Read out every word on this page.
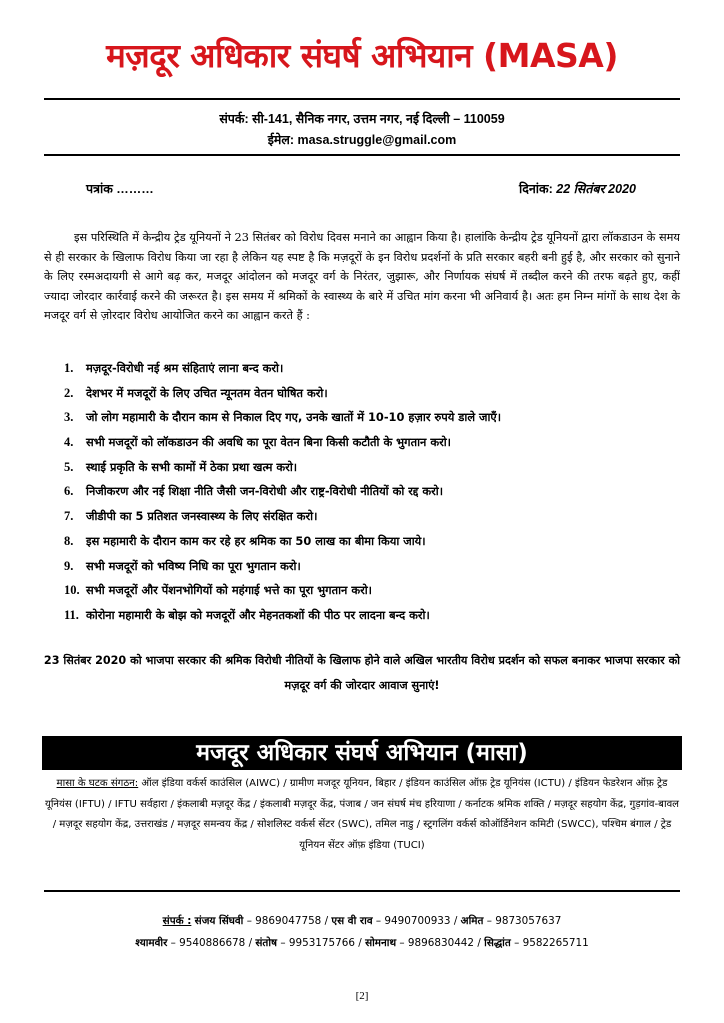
मज़दूर अधिकार संघर्ष अभियान (MASA)
संपर्क: सी-141, सैनिक नगर, उत्तम नगर, नई दिल्ली – 110059
ईमेल: masa.struggle@gmail.com
पत्रांक ………	दिनांक: 22 सितंबर 2020
इस परिस्थिति में केन्द्रीय ट्रेड यूनियनों ने 23 सितंबर को विरोध दिवस मनाने का आह्वान किया है। हालांकि केन्द्रीय ट्रेड यूनियनों द्वारा लॉकडाउन के समय से ही सरकार के खिलाफ विरोध किया जा रहा है लेकिन यह स्पष्ट है कि मज़दूरों के इन विरोध प्रदर्शनों के प्रति सरकार बहरी बनी हुई है, और सरकार को सुनाने के लिए रस्मअदायगी से आगे बढ़ कर, मजदूर आंदोलन को मजदूर वर्ग के निरंतर, जुझारू, और निर्णायक संघर्ष में तब्दील करने की तरफ बढ़ते हुए, कहीं ज्यादा जोरदार कार्रवाई करने की जरूरत है। इस समय में श्रमिकों के स्वास्थ्य के बारे में उचित मांग करना भी अनिवार्य है। अतः हम निम्न मांगों के साथ देश के मजदूर वर्ग से ज़ोरदार विरोध आयोजित करने का आह्वान करते हैं :
1. मज़दूर-विरोधी नई श्रम संहिताएं लाना बन्द करो।
2. देशभर में मजदूरों के लिए उचित न्यूनतम वेतन घोषित करो।
3. जो लोग महामारी के दौरान काम से निकाल दिए गए, उनके खातों में 10-10 हज़ार रुपये डाले जाएँ।
4. सभी मजदूरों को लॉकडाउन की अवधि का पूरा वेतन बिना किसी कटौती के भुगतान करो।
5. स्थाई प्रकृति के सभी कामों में ठेका प्रथा खत्म करो।
6. निजीकरण और नई शिक्षा नीति जैसी जन-विरोधी और राष्ट्र-विरोधी नीतियों को रद्द करो।
7. जीडीपी का 5 प्रतिशत जनस्वास्थ्य के लिए संरक्षित करो।
8. इस महामारी के दौरान काम कर रहे हर श्रमिक का 50 लाख का बीमा किया जाये।
9. सभी मजदूरों को भविष्य निधि का पूरा भुगतान करो।
10. सभी मजदूरों और पेंशनभोगियों को महंगाई भत्ते का पूरा भुगतान करो।
11. कोरोना महामारी के बोझ को मजदूरों और मेहनतकशों की पीठ पर लादना बन्द करो।
23 सितंबर 2020 को भाजपा सरकार की श्रमिक विरोधी नीतियों के खिलाफ होने वाले अखिल भारतीय विरोध प्रदर्शन को सफल बनाकर भाजपा सरकार को मज़दूर वर्ग की जोरदार आवाज सुनाएं!
मजदूर अधिकार संघर्ष अभियान (मासा)
मासा के घटक संगठन: ऑल इंडिया वर्कर्स काउंसिल (AIWC) / ग्रामीण मजदूर यूनियन, बिहार / इंडियन काउंसिल ऑफ़ ट्रेड यूनियंस (ICTU) / इंडियन फेडरेशन ऑफ़ ट्रेड यूनियंस (IFTU) / IFTU सर्वहारा / इंकलाबी मज़दूर केंद्र / इंकलाबी मज़दूर केंद्र, पंजाब / जन संघर्ष मंच हरियाणा / कर्नाटक श्रमिक शक्ति / मज़दूर सहयोग केंद्र, गुड़गांव-बावल / मज़दूर सहयोग केंद्र, उत्तराखंड / मज़दूर समन्वय केंद्र / सोशलिस्ट वर्कर्स सेंटर (SWC), तमिल नाडु / स्ट्रगलिंग वर्कर्स कोऑर्डिनेशन कमिटी (SWCC), पश्चिम बंगाल / ट्रेड यूनियन सेंटर ऑफ़ इंडिया (TUCI)
संपर्क : संजय सिंघवी – 9869047758 / एस वी राव – 9490700933 / अमित – 9873057637
श्यामवीर – 9540886678 / संतोष – 9953175766 / सोमनाथ – 9896830442 / सिद्धांत – 9582265711
[2]
